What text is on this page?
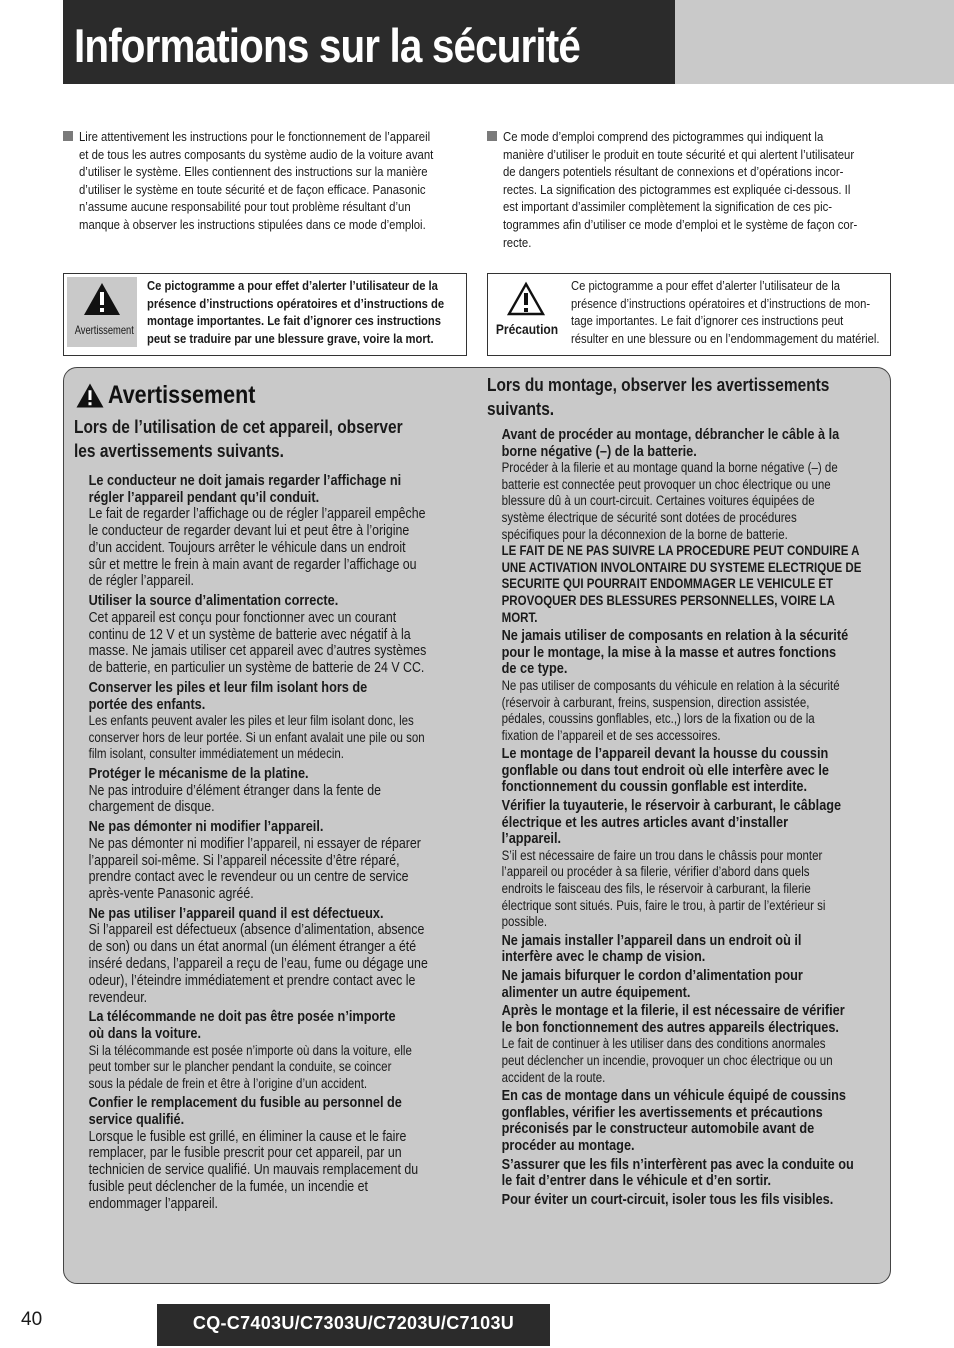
Informations sur la sécurité

Lire attentivement les instructions pour le fonctionnement de l’appareil

et de tous les autres composants du système audio de la voiture avant

d’utiliser le système. Elles contiennent des instructions sur la manière

d’utiliser le système en toute sécurité et de façon efficace. Panasonic

n’assume aucune responsabilité pour tout problème résultant d’un

manque à observer les instructions stipulées dans ce mode d’emploi.

Ce mode d’emploi comprend des pictogrammes qui indiquent la

manière d’utiliser le produit en toute sécurité et qui alertent l’utilisateur

de dangers potentiels résultant de connexions et d’opérations incor-

rectes. La signification des pictogrammes est expliquée ci-dessous. Il

est important d’assimiler complètement la signification de ces pic-

togrammes afin d’utiliser ce mode d’emploi et le système de façon cor-

recte.

Avertissement

Ce pictogramme a pour effet d’alerter l’utilisateur de la

présence d’instructions opératoires et d’instructions de

montage importantes. Le fait d’ignorer ces instructions

peut se traduire par une blessure grave, voire la mort.

Précaution

Ce pictogramme a pour effet d’alerter l’utilisateur de la

présence d’instructions opératoires et d’instructions de mon-

tage importantes. Le fait d’ignorer ces instructions peut

résulter en une blessure ou en l’endommagement du matériel.

Avertissement

Lors de l’utilisation de cet appareil, observer

les avertissements suivants.

Le conducteur ne doit jamais regarder l’affichage ni

régler l’appareil pendant qu’il conduit.

Le fait de regarder l’affichage ou de régler l’appareil empêche

le conducteur de regarder devant lui et peut être à l’origine

d’un accident. Toujours arrêter le véhicule dans un endroit

sûr et mettre le frein à main avant de regarder l’affichage ou

de régler l’appareil.

Utiliser la source d’alimentation correcte.

Cet appareil est conçu pour fonctionner avec un courant

continu de 12 V et un système de batterie avec négatif à la

masse. Ne jamais utiliser cet appareil avec d’autres systèmes

de batterie, en particulier un système de batterie de 24 V CC.

Conserver les piles et leur film isolant hors de

portée des enfants.

Les enfants peuvent avaler les piles et leur film isolant donc, les

conserver hors de leur portée. Si un enfant avalait une pile ou son

film isolant, consulter immédiatement un médecin.

Protéger le mécanisme de la platine.

Ne pas introduire d’élément étranger dans la fente de

chargement de disque.

Ne pas démonter ni modifier l’appareil.

Ne pas démonter ni modifier l’appareil, ni essayer de réparer

l’appareil soi-même. Si l’appareil nécessite d’être réparé,

prendre contact avec le revendeur ou un centre de service

après-vente Panasonic agréé.

Ne pas utiliser l’appareil quand il est défectueux.

Si l’appareil est défectueux (absence d’alimentation, absence

de son) ou dans un état anormal (un élément étranger a été

inséré dedans, l’appareil a reçu de l’eau, fume ou dégage une

odeur), l’éteindre immédiatement et prendre contact avec le

revendeur.

La télécommande ne doit pas être posée n’importe

où dans la voiture.

Si la télécommande est posée n’importe où dans la voiture, elle

peut tomber sur le plancher pendant la conduite, se coincer

sous la pédale de frein et être à l’origine d’un accident.

Confier le remplacement du fusible au personnel de

service qualifié.

Lorsque le fusible est grillé, en éliminer la cause et le faire

remplacer, par le fusible prescrit pour cet appareil, par un

technicien de service qualifié. Un mauvais remplacement du

fusible peut déclencher de la fumée, un incendie et

endommager l’appareil.

Lors du montage, observer les avertissements

suivants.

Avant de procéder au montage, débrancher le câble à la

borne négative (–) de la batterie.

Procéder à la filerie et au montage quand la borne négative (–) de

batterie est connectée peut provoquer un choc électrique ou une

blessure dû à un court-circuit. Certaines voitures équipées de

système électrique de sécurité sont dotées de procédures

spécifiques pour la déconnexion de la borne de batterie.

LE FAIT DE NE PAS SUIVRE LA PROCEDURE PEUT CONDUIRE A

UNE ACTIVATION INVOLONTAIRE DU SYSTEME ELECTRIQUE DE

SECURITE QUI POURRAIT ENDOMMAGER LE VEHICULE ET

PROVOQUER DES BLESSURES PERSONNELLES, VOIRE LA

MORT.

Ne jamais utiliser de composants en relation à la sécurité

pour le montage, la mise à la masse et autres fonctions

de ce type.

Ne pas utiliser de composants du véhicule en relation à la sécurité

(réservoir à carburant, freins, suspension, direction assistée,

pédales, coussins gonflables, etc.,) lors de la fixation ou de la

fixation de l’appareil et de ses accessoires.

Le montage de l’appareil devant la housse du coussin

gonflable ou dans tout endroit où elle interfère avec le

fonctionnement du coussin gonflable est interdite.

Vérifier la tuyauterie, le réservoir à carburant, le câblage

électrique et les autres articles avant d’installer

l’appareil.

S’il est nécessaire de faire un trou dans le châssis pour monter

l’appareil ou procéder à sa filerie, vérifier d’abord dans quels

endroits le faisceau des fils, le réservoir à carburant, la filerie

électrique sont situés. Puis, faire le trou, à partir de l’extérieur si

possible.

Ne jamais installer l’appareil dans un endroit où il

interfère avec le champ de vision.

Ne jamais bifurquer le cordon d’alimentation pour

alimenter un autre équipement.

Après le montage et la filerie, il est nécessaire de vérifier

le bon fonctionnement des autres appareils électriques.

Le fait de continuer à les utiliser dans des conditions anormales

peut déclencher un incendie, provoquer un choc électrique ou un

accident de la route.

En cas de montage dans un véhicule équipé de coussins

gonflables, vérifier les avertissements et précautions

préconisés par le constructeur automobile avant de

procéder au montage.

S’assurer que les fils n’interfèrent pas avec la conduite ou

le fait d’entrer dans le véhicule et d’en sortir.

Pour éviter un court-circuit, isoler tous les fils visibles.

40	CQ-C7403U/C7303U/C7203U/C7103U
